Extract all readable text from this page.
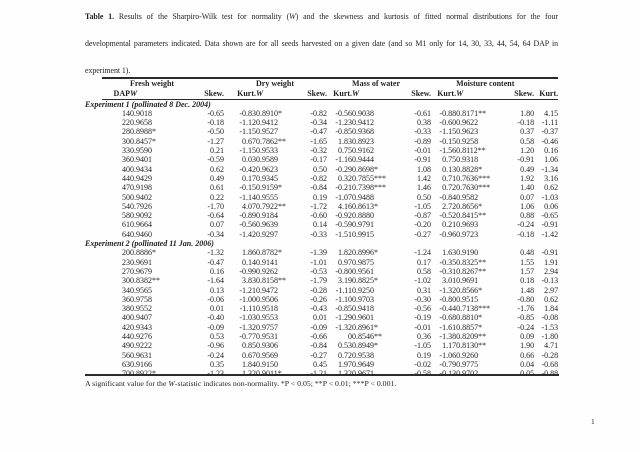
Table 1. Results of the Sharpiro-Wilk test for normality (W) and the skewness and kurtosis of fitted normal distributions for the four
developmental parameters indicated. Data shown are for all seeds harvested on a given date (and so M1 only for 14, 30, 33, 44, 54, 64 DAP in
experiment 1).
	Fresh weight			Dry weight			Mass of water			Moisture content		
DAP	W	Skew.	Kurt.	W	Skew.	Kurt.	W	Skew.	Kurt.	W	Skew.	Kurt.
Experiment 1 (pollinated 8 Dec. 2004)												
14	0.9018	-0.65	-0.83	0.8910*	-0.82	-0.56	0.9038	-0.61	-0.88	0.8171**	1.80	4.15
22	0.9658	-0.18	-1.12	0.9412	-0.34	-1.23	0.9412	0.38	-0.60	0.9622	-0.18	-1.11
28	0.8988*	-0.50	-1.15	0.9527	-0.47	-0.85	0.9368	-0.33	-1.15	0.9623	0.37	-0.37
30	0.8457*	-1.27	0.67	0.7862**	-1.65	1.83	0.8923	-0.89	-0.15	0.9258	0.58	-0.46
33	0.9590	0.21	-1.15	0.9533	-0.32	0.75	0.9162	-0.01	-1.56	0.8112**	1.20	0.16
36	0.9401	-0.59	0.03	0.9589	-0.17	-1.16	0.9444	-0.91	0.75	0.9318	-0.91	1.06
40	0.9434	0.62	-0.42	0.9623	0.50	-0.29	0.8698*	1.08	0.13	0.8828*	0.49	-1.34
44	0.9429	0.49	0.17	0.9345	-0.82	0.32	0.7855***	1.42	0.71	0.7636***	1.92	3.16
47	0.9198	0.61	-0.15	0.9159*	-0.84	-0.21	0.7398***	1.46	0.72	0.7630***	1.40	0.62
50	0.9402	0.22	-1.14	0.9555	0.19	-1.07	0.9488	0.50	-0.84	0.9582	0.07	-1.03
54	0.7926	-1.70	4.07	0.7922**	-1.72	4.16	0.8613*	-1.05	2.72	0.8656*	1.06	0.06
58	0.9092	-0.64	-0.89	0.9184	-0.60	-0.92	0.8880	-0.87	-0.52	0.8415**	0.88	-0.65
61	0.9664	0.07	-0.56	0.9639	0.14	-0.59	0.9791	-0.20	0.21	0.9693	-0.24	-0.91
64	0.9460	-0.34	-1.42	0.9297	-0.33	-1.51	0.9915	-0.27	-0.96	0.9723	-0.18	-1.42
Experiment 2 (pollinated 11 Jan. 2006)												
20	0.8886*	-1.32	1.86	0.8782*	-1.39	1.82	0.8996*	-1.24	1.63	0.9190	0.48	-0.91
23	0.9691	-0.47	0.14	0.9141	-1.01	0.97	0.9875	0.17	-0.35	0.8325**	1.55	1.91
27	0.9679	0.16	-0.99	0.9262	-0.53	-0.80	0.9561	0.58	-0.31	0.8267**	1.57	2.94
30	0.8382**	-1.64	3.83	0.8158**	-1.79	3.19	0.8825*	-1.02	3.01	0.9691	0.18	-0.13
34	0.9565	0.13	-1.21	0.9472	-0.28	-1.11	0.9250	0.31	-1.32	0.8566*	1.48	2.97
36	0.9758	-0.06	-1.00	0.9506	-0.26	-1.10	0.9703	-0.30	-0.80	0.9515	-0.80	0.62
38	0.9552	0.01	-1.11	0.9518	-0.43	-0.85	0.9418	-0.56	-0.44	0.7138***	-1.76	1.84
40	0.9407	-0.40	-1.03	0.9553	0.01	-1.29	0.9601	-0.19	-0.68	0.8810*	-0.85	-0.08
42	0.9343	-0.09	-1.32	0.9757	-0.09	-1.32	0.8961*	-0.01	-1.61	0.8857*	-0.24	-1.53
44	0.9276	0.53	-0.77	0.9531	-0.66	0	0.8546**	0.36	-1.38	0.8209**	0.09	-1.80
49	0.9222	-0.96	0.85	0.9306	-0.84	0.53	0.8949*	-1.05	1.17	0.8130**	1.90	4.71
56	0.9631	-0.24	0.67	0.9569	-0.27	0.72	0.9538	0.19	-1.06	0.9260	0.66	-0.28
63	0.9166	0.35	1.84	0.9150	0.45	1.97	0.9649	-0.02	-0.79	0.9775	0.04	-0.68

A significant value for the W-statistic indicates non-normality. *P < 0.05; **P < 0.01; ***P < 0.001.
1
